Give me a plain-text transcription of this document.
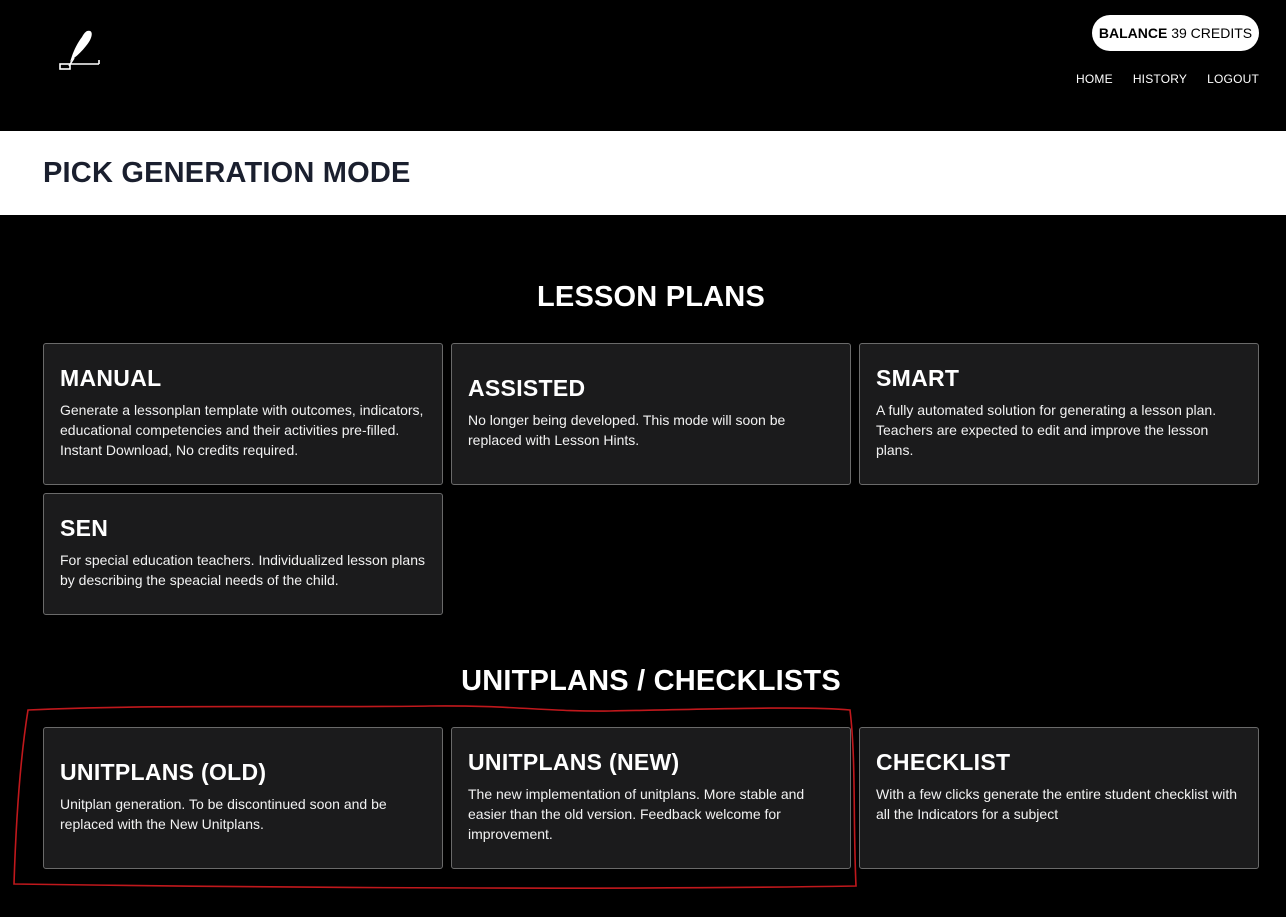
BALANCE 39 CREDITS
HOME HISTORY LOGOUT
PICK GENERATION MODE
LESSON PLANS
MANUAL

Generate a lessonplan template with outcomes, indicators, educational competencies and their activities pre-filled. Instant Download, No credits required.

ASSISTED

No longer being developed. This mode will soon be replaced with Lesson Hints.

SMART

A fully automated solution for generating a lesson plan. Teachers are expected to edit and improve the lesson plans.

SEN

For special education teachers. Individualized lesson plans by describing the speacial needs of the child.

UNITPLANS / CHECKLISTS
UNITPLANS (OLD)

Unitplan generation. To be discontinued soon and be replaced with the New Unitplans.

UNITPLANS (NEW)

The new implementation of unitplans. More stable and easier than the old version. Feedback welcome for improvement.

CHECKLIST

With a few clicks generate the entire student checklist with all the Indicators for a subject
